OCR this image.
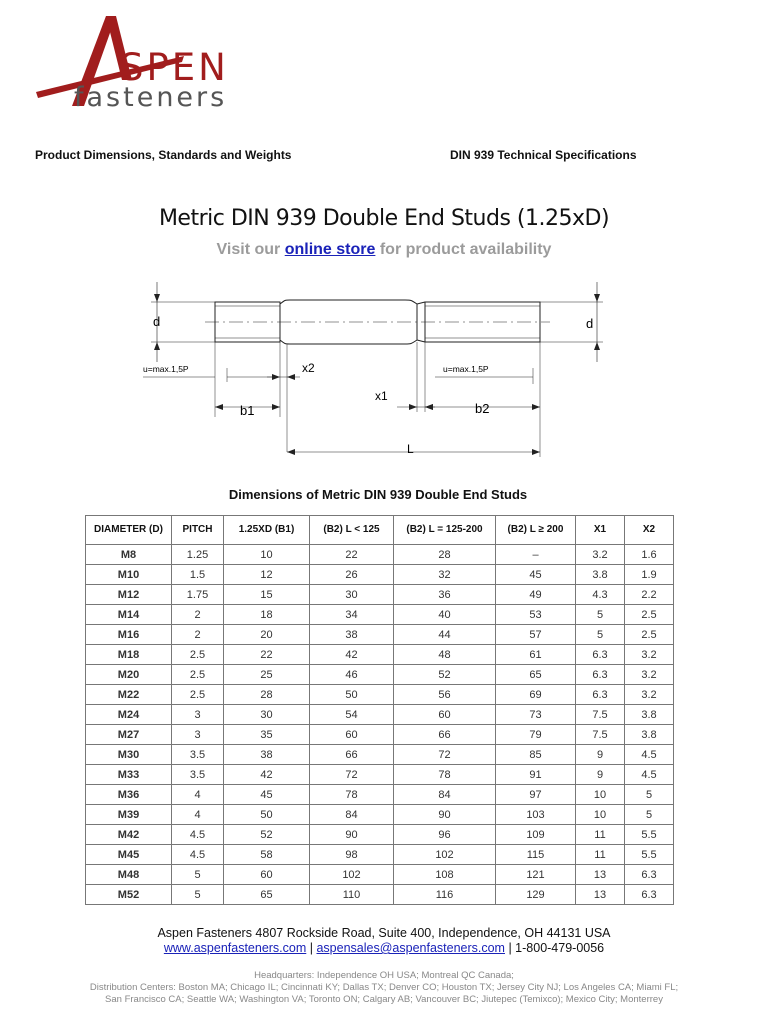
SPEN
fasteners
Product Dimensions, Standards and Weights	DIN 939 Technical Specifications
Metric DIN 939 Double End Studs (1.25xD)
Visit our online store for product availability
d	d
u=max.1,5P	u=max.1,5P
x2
x1
b1	b2
L
Dimensions of Metric DIN 939 Double End Studs
DIAMETER (D)	PITCH	1.25XD (B1)	(B2) L < 125	(B2) L = 125-200	(B2) L ≥ 200	X1	X2
M8	1.25	10	22	28	–	3.2	1.6
M10	1.5	12	26	32	45	3.8	1.9
M12	1.75	15	30	36	49	4.3	2.2
M14	2	18	34	40	53	5	2.5
M16	2	20	38	44	57	5	2.5
M18	2.5	22	42	48	61	6.3	3.2
M20	2.5	25	46	52	65	6.3	3.2
M22	2.5	28	50	56	69	6.3	3.2
M24	3	30	54	60	73	7.5	3.8
M27	3	35	60	66	79	7.5	3.8
M30	3.5	38	66	72	85	9	4.5
M33	3.5	42	72	78	91	9	4.5
M36	4	45	78	84	97	10	5
M39	4	50	84	90	103	10	5
M42	4.5	52	90	96	109	11	5.5
M45	4.5	58	98	102	115	11	5.5
M48	5	60	102	108	121	13	6.3
M52	5	65	110	116	129	13	6.3
Aspen Fasteners 4807 Rockside Road, Suite 400, Independence, OH 44131 USA
www.aspenfasteners.com | aspensales@aspenfasteners.com | 1-800-479-0056
Headquarters: Independence OH USA; Montreal QC Canada;
Distribution Centers: Boston MA; Chicago IL; Cincinnati KY; Dallas TX; Denver CO; Houston TX; Jersey City NJ; Los Angeles CA; Miami FL;
San Francisco CA; Seattle WA; Washington VA; Toronto ON; Calgary AB; Vancouver BC; Jiutepec (Temixco); Mexico City; Monterrey
